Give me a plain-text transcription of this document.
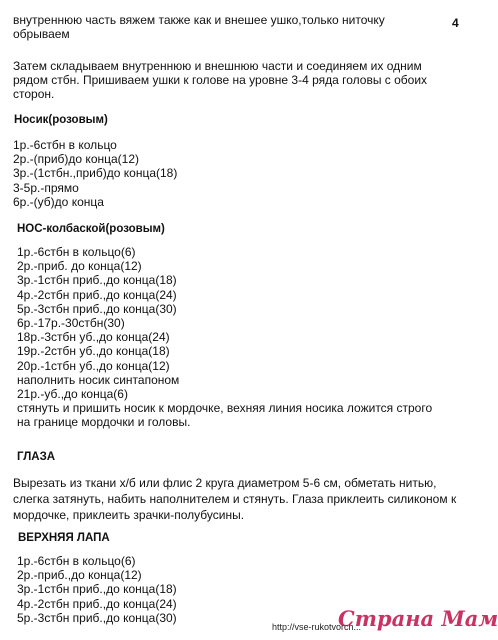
4
внутреннюю часть вяжем также как и внешее ушко,только ниточку обрываем
Затем складываем внутреннюю и внешнюю части и соединяем их одним рядом стбн. Пришиваем ушки к голове на уровне 3-4 ряда головы с обоих сторон.
Носик(розовым)
1р.-6стбн в кольцо
2р.-(приб)до конца(12)
3р.-(1стбн.,приб)до конца(18)
3-5р.-прямо
6р.-(уб)до конца
НОС-колбаской(розовым)
1р.-6стбн в кольцо(6)
2р.-приб. до конца(12)
3р.-1стбн приб.,до конца(18)
4р.-2стбн приб.,до конца(24)
5р.-3стбн приб.,до конца(30)
6р.-17р.-30стбн(30)
18р.-3стбн уб.,до конца(24)
19р.-2стбн уб.,до конца(18)
20р.-1стбн уб.,до конца(12)
наполнить носик синтапоном
21р.-уб.,до конца(6)
стянуть и пришить носик к мордочке, вехняя линия носика ложится строго
на границе мордочки и головы.
ГЛАЗА
Вырезать из ткани х/б или флис 2 круга диаметром 5-6 см, обметать нитью, слегка затянуть, набить наполнителем и стянуть. Глаза приклеить силиконом к мордочке, приклеить зрачки-полубусины.
ВЕРХНЯЯ ЛАПА
1р.-6стбн в кольцо(6)
2р.-приб.,до конца(12)
3р.-1стбн приб.,до конца(18)
4р.-2стбн приб.,до конца(24)
5р.-3стбн приб.,до конца(30)
http://vse-rukotvorch...
Страна Мам
